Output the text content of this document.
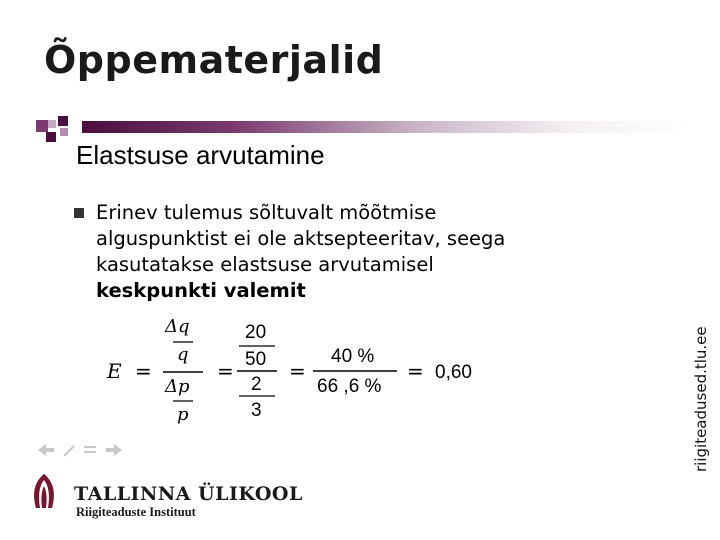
Õppematerjalid
Elastsuse arvutamine
Erinev tulemus sõltuvalt mõõtmise
alguspunktist ei ole aktsepteeritav, seega
kasutatakse elastsuse arvutamisel
keskpunkti valemit
E =	=	=	=
Δq
q
Δp
p
20
50
2
3
40 %
66 ,6 %
0,60	riigiteadused.tlu.ee
TALLINNA ÜLIKOOL
Riigiteaduste Instituut
